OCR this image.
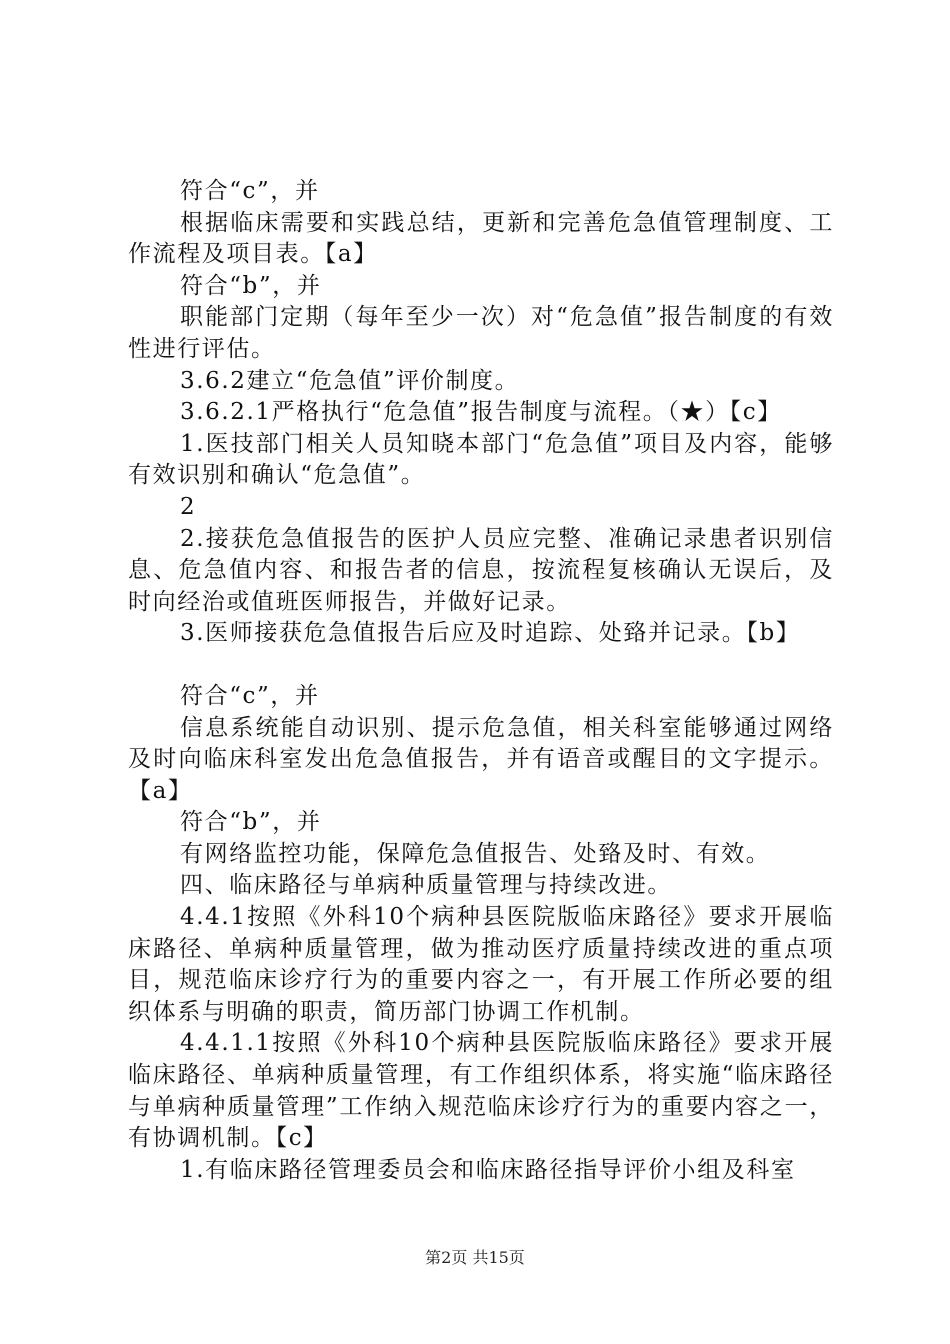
符合“c”，并

根据临床需要和实践总结，更新和完善危急值管理制度、工作流程及项目表。【a】

符合“b”，并

职能部门定期（每年至少一次）对“危急值”报告制度的有效性进行评估。

3.6.2建立“危急值”评价制度。

3.6.2.1严格执行“危急值”报告制度与流程。（★）【c】

1.医技部门相关人员知晓本部门“危急值”项目及内容，能够有效识别和确认“危急值”。

2

2.接获危急值报告的医护人员应完整、准确记录患者识别信息、危急值内容、和报告者的信息，按流程复核确认无误后，及时向经治或值班医师报告，并做好记录。

3.医师接获危急值报告后应及时追踪、处臵并记录。【b】

符合“c”，并

信息系统能自动识别、提示危急值，相关科室能够通过网络及时向临床科室发出危急值报告，并有语音或醒目的文字提示。【a】

符合“b”，并

有网络监控功能，保障危急值报告、处臵及时、有效。

四、临床路径与单病种质量管理与持续改进。

4.4.1按照《外科10个病种县医院版临床路径》要求开展临床路径、单病种质量管理，做为推动医疗质量持续改进的重点项目，规范临床诊疗行为的重要内容之一，有开展工作所必要的组织体系与明确的职责，简历部门协调工作机制。

4.4.1.1按照《外科10个病种县医院版临床路径》要求开展临床路径、单病种质量管理，有工作组织体系，将实施“临床路径与单病种质量管理”工作纳入规范临床诊疗行为的重要内容之一，有协调机制。【c】

1.有临床路径管理委员会和临床路径指导评价小组及科室

第2页 共15页
